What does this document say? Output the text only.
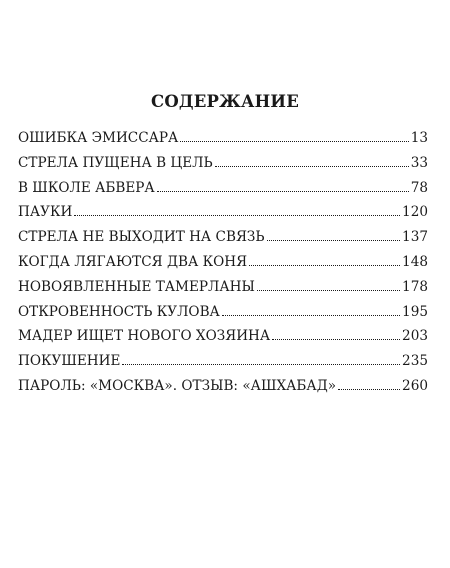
СОДЕРЖАНИЕ
ОШИБКА ЭМИССАРА	13
СТРЕЛА ПУЩЕНА В ЦЕЛЬ	33
В ШКОЛЕ АБВЕРА	78
ПАУКИ	120
СТРЕЛА НЕ ВЫХОДИТ НА СВЯЗЬ	137
КОГДА ЛЯГАЮТСЯ ДВА КОНЯ	148
НОВОЯВЛЕННЫЕ ТАМЕРЛАНЫ	178
ОТКРОВЕННОСТЬ КУЛОВА	195
МАДЕР ИЩЕТ НОВОГО ХОЗЯИНА	203
ПОКУШЕНИЕ	235
ПАРОЛЬ: «МОСКВА». ОТЗЫВ: «АШХАБАД»	260
